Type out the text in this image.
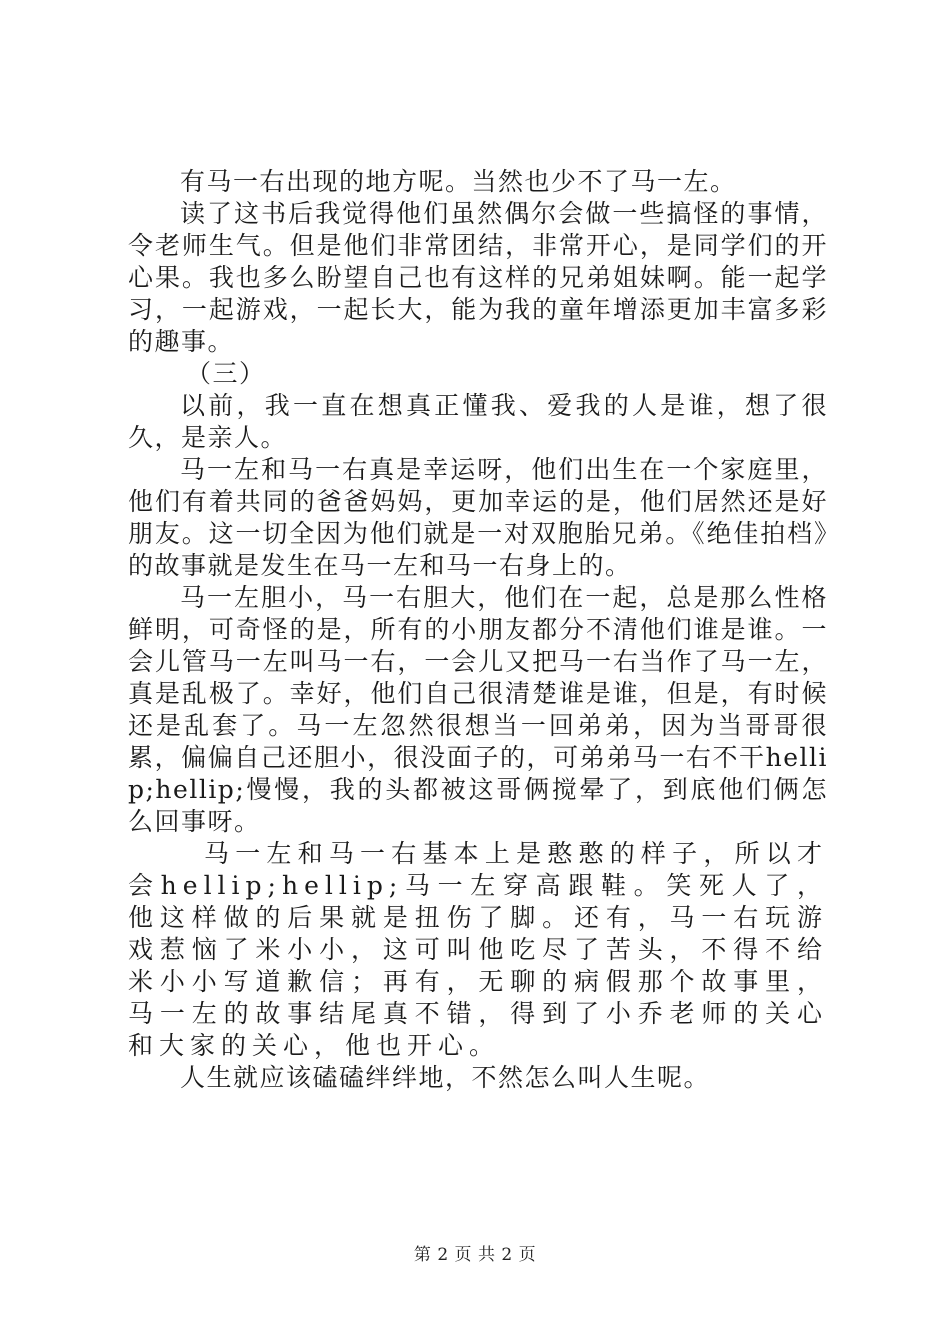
有马一右出现的地方呢。当然也少不了马一左。

读了这书后我觉得他们虽然偶尔会做一些搞怪的事情，令老师生气。但是他们非常团结，非常开心，是同学们的开心果。我也多么盼望自己也有这样的兄弟姐妹啊。能一起学习，一起游戏，一起长大，能为我的童年增添更加丰富多彩的趣事。

（三）

以前，我一直在想真正懂我、爱我的人是谁，想了很久，是亲人。

马一左和马一右真是幸运呀，他们出生在一个家庭里，他们有着共同的爸爸妈妈，更加幸运的是，他们居然还是好朋友。这一切全因为他们就是一对双胞胎兄弟。《绝佳拍档》的故事就是发生在马一左和马一右身上的。

马一左胆小，马一右胆大，他们在一起，总是那么性格鲜明，可奇怪的是，所有的小朋友都分不清他们谁是谁。一会儿管马一左叫马一右，一会儿又把马一右当作了马一左，真是乱极了。幸好，他们自己很清楚谁是谁，但是，有时候还是乱套了。马一左忽然很想当一回弟弟，因为当哥哥很累，偏偏自己还胆小，很没面子的，可弟弟马一右不干hellip;hellip;慢慢，我的头都被这哥俩搅晕了，到底他们俩怎么回事呀。

马一左和马一右基本上是憨憨的样子，所以才会hellip;hellip;马一左穿高跟鞋。笑死人了，他这样做的后果就是扭伤了脚。还有，马一右玩游戏惹恼了米小小，这可叫他吃尽了苦头，不得不给米小小写道歉信；再有，无聊的病假那个故事里，马一左的故事结尾真不错，得到了小乔老师的关心和大家的关心，他也开心。

人生就应该磕磕绊绊地，不然怎么叫人生呢。

第 2 页 共 2 页
